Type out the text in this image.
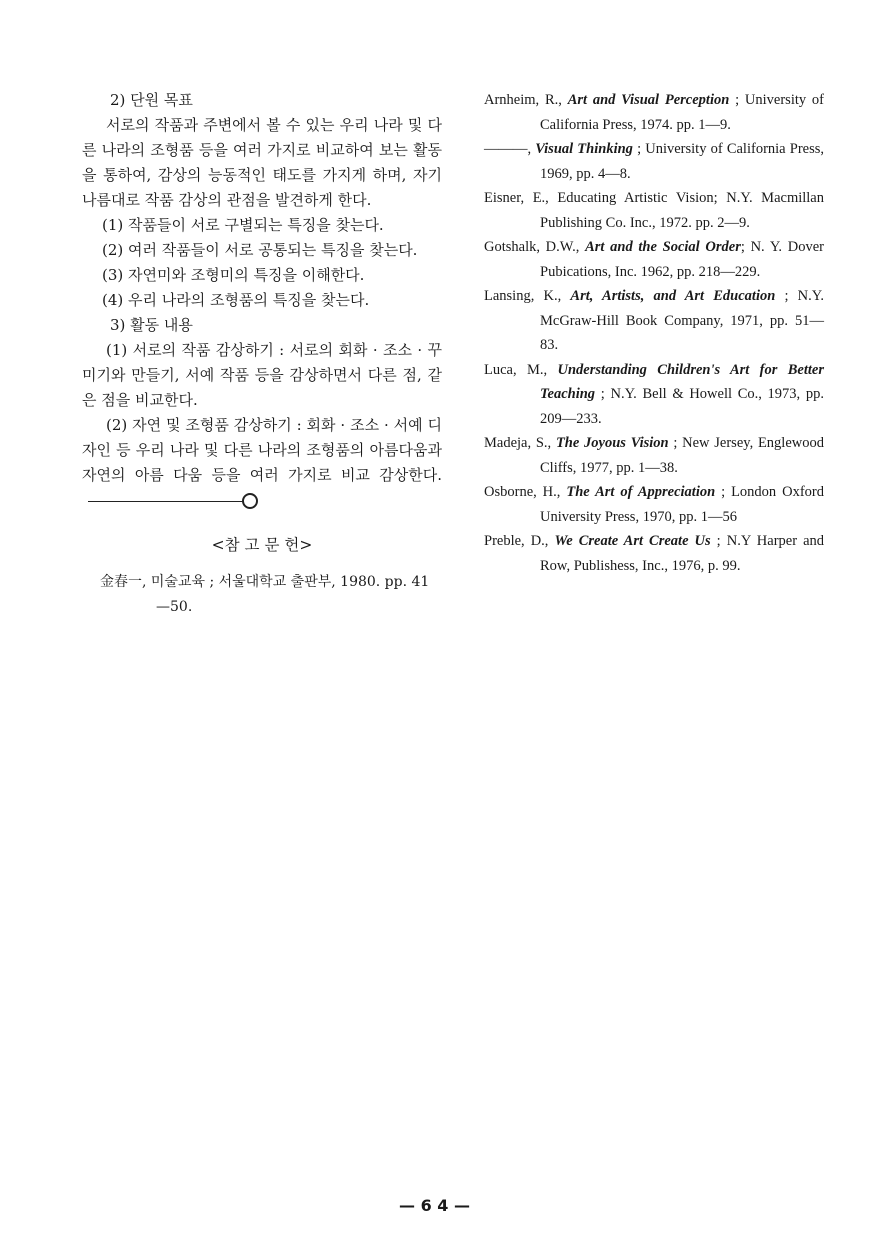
2) 단원 목표
서로의 작품과 주변에서 볼 수 있는 우리 나라 및 다른 나라의 조형품 등을 여러 가지로 비교하여 보는 활동을 통하여, 감상의 능동적인 태도를 가지게 하며, 자기 나름대로 작품 감상의 관점을 발견하게 한다.
(1) 작품들이 서로 구별되는 특징을 찾는다.
(2) 여러 작품들이 서로 공통되는 특징을 찾는다.
(3) 자연미와 조형미의 특징을 이해한다.
(4) 우리 나라의 조형품의 특징을 찾는다.
3) 활동 내용
(1) 서로의 작품 감상하기 : 서로의 회화 · 조소 · 꾸미기와 만들기, 서예 작품 등을 감상하면서 다른 점, 같은 점을 비교한다.
(2) 자연 및 조형품 감상하기 : 회화 · 조소 · 서예 디자인 등 우리 나라 및 다른 나라의 조형품의 아름다움과 자연의 아름 다움 등을 여러 가지로 비교 감상한다.
<참 고 문 헌>
金春一, 미술교육 ; 서울대학교 출판부, 1980. pp. 41—50.

Arnheim, R., Art and Visual Perception ; University of California Press, 1974. pp. 1—9.

———, Visual Thinking ; University of California Press, 1969, pp. 4—8.

Eisner, E., Educating Artistic Vision; N.Y. Macmillan Publishing Co. Inc., 1972. pp. 2—9.

Gotshalk, D.W., Art and the Social Order; N. Y. Dover Pubications, Inc. 1962, pp. 218—229.

Lansing, K., Art, Artists, and Art Education ; N.Y. McGraw-Hill Book Company, 1971, pp. 51—83.

Luca, M., Understanding Children's Art for Better Teaching ; N.Y. Bell & Howell Co., 1973, pp. 209—233.

Madeja, S., The Joyous Vision ; New Jersey, Englewood Cliffs, 1977, pp. 1—38.

Osborne, H., The Art of Appreciation ; London Oxford University Press, 1970, pp. 1—56

Preble, D., We Create Art Create Us ; N.Y Harper and Row, Publishess, Inc., 1976, p. 99.

— 6 4 —
